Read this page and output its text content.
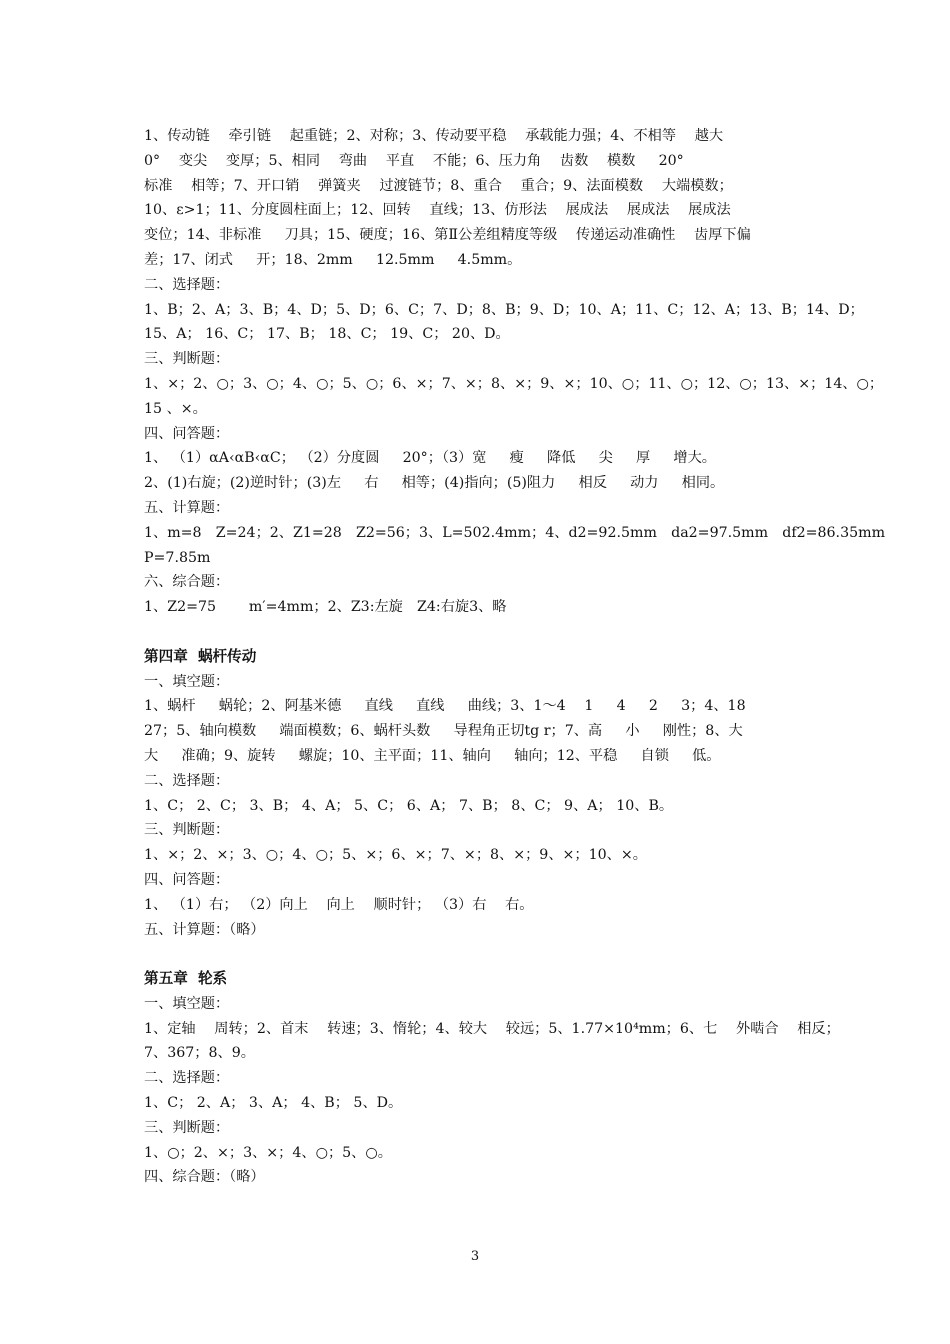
1、传动链 　牵引链 　起重链；2、对称；3、传动要平稳 　承载能力强；4、不相等 　越大
0°　 变尖 　变厚；5、相同 　弯曲 　平直 　不能；6、压力角 　齿数 　模数 　 20°
标准 　相等；7、开口销 　弹簧夹 　过渡链节；8、重合 　重合；9、法面模数 　大端模数；
10、ε>1；11、分度圆柱面上；12、回转 　直线；13、仿形法 　展成法 　展成法 　展成法
变位；14、非标准 　 刀具；15、硬度；16、第Ⅱ公差组精度等级 　传递运动准确性 　齿厚下偏
差；17、闭式 　 开；18、2mm 　 12.5mm 　 4.5mm。
二、选择题：
1、B；2、A；3、B；4、D；5、D；6、C；7、D；8、B；9、D；10、A；11、C；12、A；13、B；14、D；
15、A； 16、C； 17、B； 18、C； 19、C； 20、D。
三、判断题：
1、×；2、○；3、○；4、○；5、○；6、×；7、×；8、×；9、×；10、○；11、○；12、○；13、×；14、○；
15 、×。
四、问答题：
1、 （1）αA‹αB‹αC； （2）分度圆 　 20°；（3）宽 　 瘦 　 降低 　 尖 　 厚 　 增大。
2、(1)右旋；(2)逆时针；(3)左 　 右 　 相等；(4)指向；(5)阻力 　 相反 　 动力 　 相同。
五、计算题：
1、m=8　Z=24；2、Z1=28　Z2=56；3、L=502.4mm；4、d2=92.5mm　da2=97.5mm　df2=86.35mm
P=7.85m
六、综合题：
1、Z2=75　　 m′=4mm；2、Z3:左旋　Z4:右旋3、略
第四章  蜗杆传动
一、填空题：
1、蜗杆 　 蜗轮；2、阿基米德 　 直线 　 直线 　 曲线；3、1～4 　1 　 4 　 2 　 3；4、18
27；5、轴向模数 　 端面模数；6、蜗杆头数 　 导程角正切tg r；7、高 　 小 　 刚性；8、大
大 　 准确；9、旋转 　 螺旋；10、主平面；11、轴向 　 轴向；12、平稳 　 自锁 　 低。
二、选择题：
1、C； 2、C； 3、B； 4、A； 5、C； 6、A； 7、B； 8、C； 9、A； 10、B。
三、判断题：
1、×；2、×；3、○；4、○；5、×；6、×；7、×；8、×；9、×；10、×。
四、问答题：
1、 （1）右； （2）向上 　向上 　顺时针； （3）右 　右。
五、计算题：（略）
第五章  轮系
一、填空题：
1、定轴 　周转；2、首末 　转速；3、惰轮；4、较大 　较远；5、1.77×10⁴mm；6、七 　外啮合 　相反；
7、367；8、9。
二、选择题：
1、C； 2、A； 3、A； 4、B； 5、D。
三、判断题：
1、○；2、×；3、×；4、○；5、○。
四、综合题：（略）
3
